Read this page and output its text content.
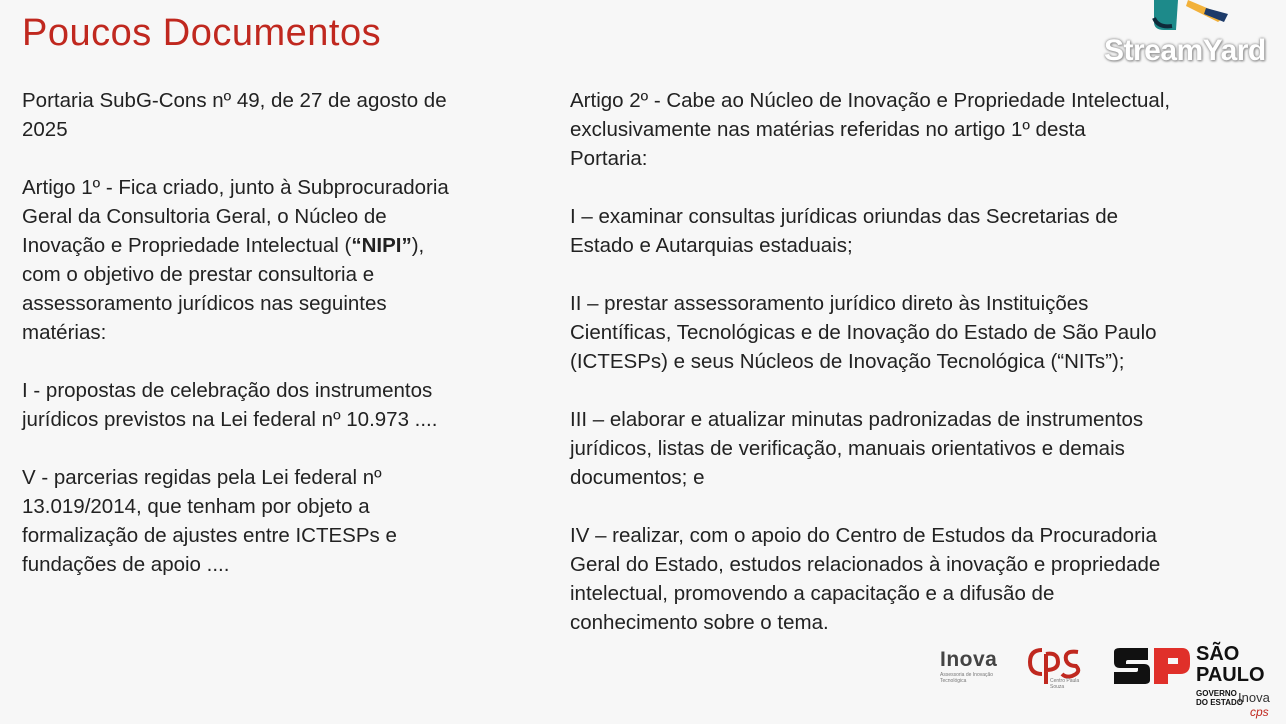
Poucos Documentos	StreamYard

Portaria SubG-Cons nº 49, de 27 de agosto de
2025

Artigo 1º - Fica criado, junto à Subprocuradoria
Geral da Consultoria Geral, o Núcleo de
Inovação e Propriedade Intelectual (“NIPI”),
com o objetivo de prestar consultoria e
assessoramento jurídicos nas seguintes
matérias:

I - propostas de celebração dos instrumentos
jurídicos previstos na Lei federal nº 10.973 ....

V - parcerias regidas pela Lei federal nº
13.019/2014, que tenham por objeto a
formalização de ajustes entre ICTESPs e
fundações de apoio ....

Artigo 2º - Cabe ao Núcleo de Inovação e Propriedade Intelectual,
exclusivamente nas matérias referidas no artigo 1º desta
Portaria:

I – examinar consultas jurídicas oriundas das Secretarias de
Estado e Autarquias estaduais;

II – prestar assessoramento jurídico direto às Instituições
Científicas, Tecnológicas e de Inovação do Estado de São Paulo
(ICTESPs) e seus Núcleos de Inovação Tecnológica (“NITs”);

III – elaborar e atualizar minutas padronizadas de instrumentos
jurídicos, listas de verificação, manuais orientativos e demais
documentos; e

IV – realizar, com o apoio do Centro de Estudos da Procuradoria
Geral do Estado, estudos relacionados à inovação e propriedade
intelectual, promovendo a capacitação e a difusão de
conhecimento sobre o tema.

Inova
Assessoria de Inovação Tecnológica	Centro Paula Souza
SÃO
PAULO
GOVERNO
DO ESTADO
Inova
cps
